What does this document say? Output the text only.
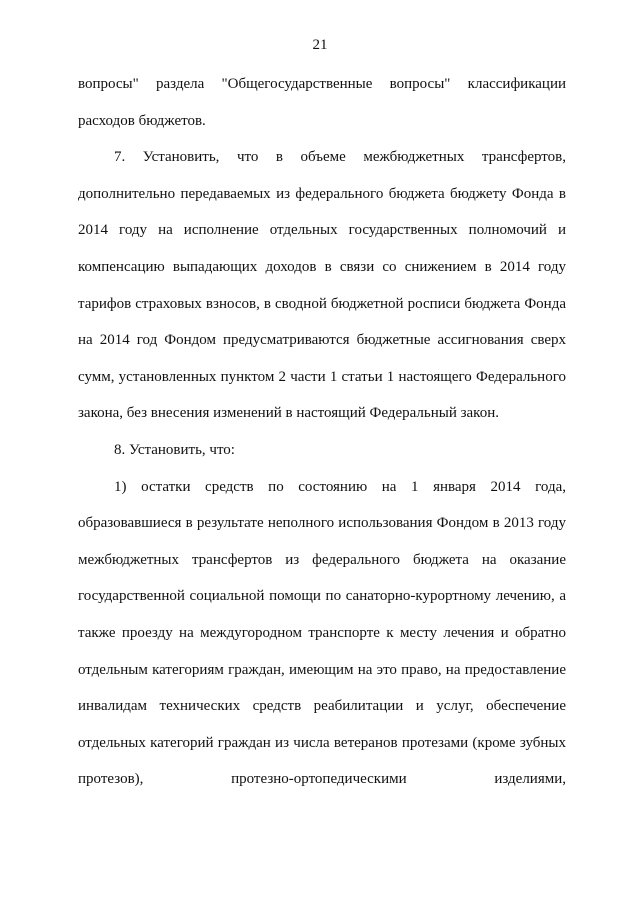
21

вопросы" раздела "Общегосударственные вопросы" классификации расходов бюджетов.

7. Установить, что в объеме межбюджетных трансфертов, дополнительно передаваемых из федерального бюджета бюджету Фонда в 2014 году на исполнение отдельных государственных полномочий и компенсацию выпадающих доходов в связи со снижением в 2014 году тарифов страховых взносов, в сводной бюджетной росписи бюджета Фонда на 2014 год Фондом предусматриваются бюджетные ассигнования сверх сумм, установленных пунктом 2 части 1 статьи 1 настоящего Федерального закона, без внесения изменений в настоящий Федеральный закон.

8. Установить, что:

1) остатки средств по состоянию на 1 января 2014 года, образовавшиеся в результате неполного использования Фондом в 2013 году межбюджетных трансфертов из федерального бюджета на оказание государственной социальной помощи по санаторно-курортному лечению, а также проезду на междугородном транспорте к месту лечения и обратно отдельным категориям граждан, имеющим на это право, на предоставление инвалидам технических средств реабилитации и услуг, обеспечение отдельных категорий граждан из числа ветеранов протезами (кроме зубных протезов), протезно-ортопедическими изделиями,
